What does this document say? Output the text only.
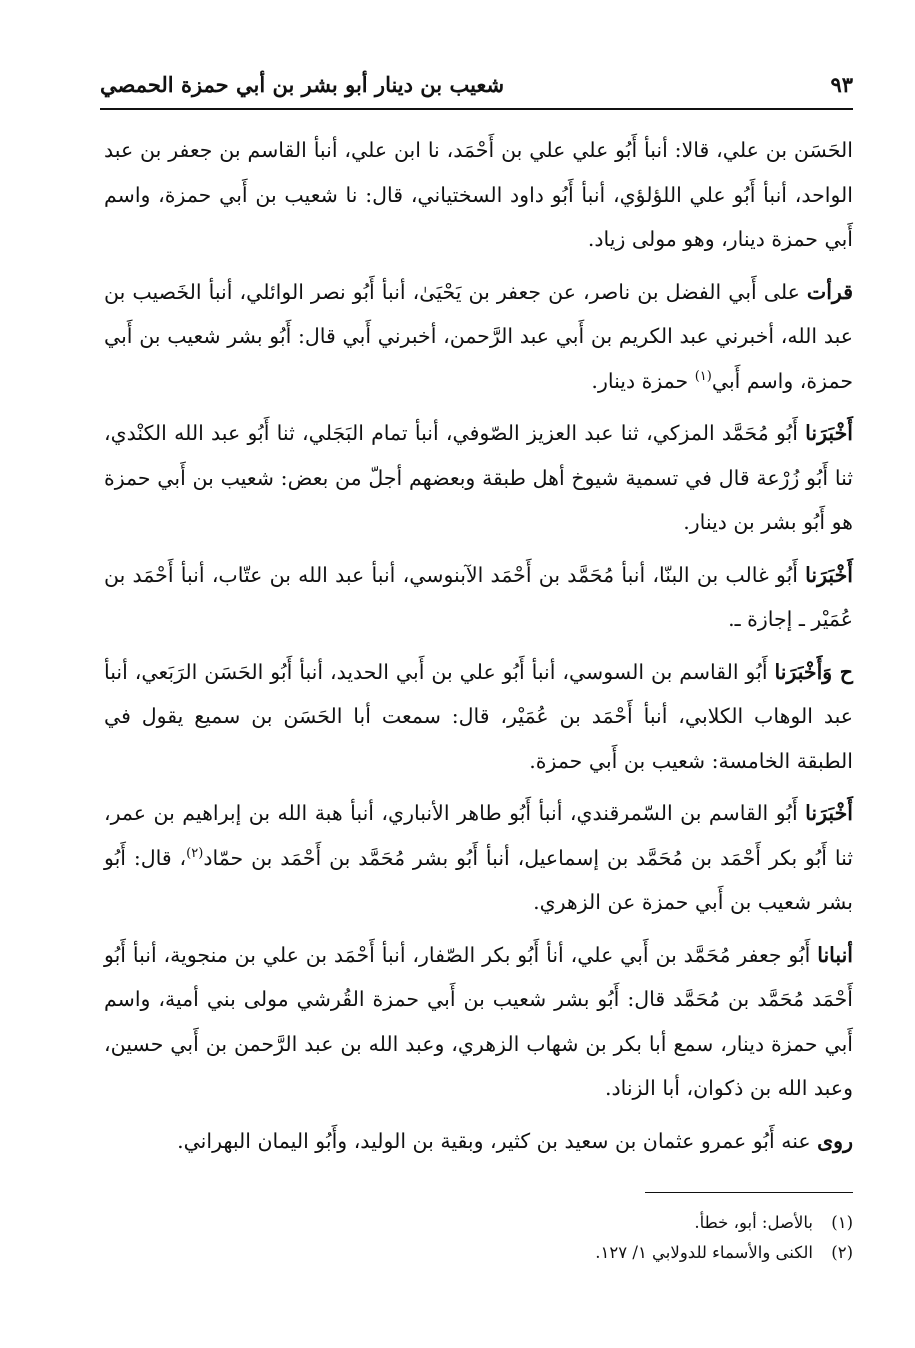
شعيب بن دينار أبو بشر بن أبي حمزة الحمصي	٩٣

الحَسَن بن علي، قالا: أنبأ أَبُو علي علي بن أَحْمَد، نا ابن علي، أنبأ القاسم بن جعفر بن عبد الواحد، أنبأ أَبُو علي اللؤلؤي، أنبأ أَبُو داود السختياني، قال: نا شعيب بن أَبي حمزة، واسم أَبي حمزة دينار، وهو مولى زياد.

قرأت على أَبي الفضل بن ناصر، عن جعفر بن يَحْيَىٰ، أنبأ أَبُو نصر الوائلي، أنبأ الخَصيب بن عبد الله، أخبرني عبد الكريم بن أَبي عبد الرَّحمن، أخبرني أَبي قال: أَبُو بشر شعيب بن أَبي حمزة، واسم أَبي$^{(١)}$ حمزة دينار.

أَخْبَرَنا أَبُو مُحَمَّد المزكي، ثنا عبد العزيز الصّوفي، أنبأ تمام البَجَلي، ثنا أَبُو عبد الله الكنْدي، ثنا أَبُو زُرْعة قال في تسمية شيوخ أهل طبقة وبعضهم أجلّ من بعض: شعيب بن أَبي حمزة هو أَبُو بشر بن دينار.

أَخْبَرَنا أَبُو غالب بن البنّا، أنبأ مُحَمَّد بن أَحْمَد الآبنوسي، أنبأ عبد الله بن عتّاب، أنبأ أَحْمَد بن عُمَيْر ـ إجازة ـ.

ح وَأَخْبَرَنا أَبُو القاسم بن السوسي، أنبأ أَبُو علي بن أَبي الحديد، أنبأ أَبُو الحَسَن الرَبَعي، أنبأ عبد الوهاب الكلابي، أنبأ أَحْمَد بن عُمَيْر، قال: سمعت أبا الحَسَن بن سميع يقول في الطبقة الخامسة: شعيب بن أَبي حمزة.

أَخْبَرَنا أَبُو القاسم بن السّمرقندي، أنبأ أَبُو طاهر الأنباري، أنبأ هبة الله بن إبراهيم بن عمر، ثنا أَبُو بكر أَحْمَد بن مُحَمَّد بن إسماعيل، أنبأ أَبُو بشر مُحَمَّد بن أَحْمَد بن حمّاد$^{(٢)}$، قال: أَبُو بشر شعيب بن أَبي حمزة عن الزهري.

أنبانا أَبُو جعفر مُحَمَّد بن أَبي علي، أنأ أَبُو بكر الصّفار، أنبأ أَحْمَد بن علي بن منجوية، أنبأ أَبُو أَحْمَد مُحَمَّد بن مُحَمَّد قال: أَبُو بشر شعيب بن أَبي حمزة القُرشي مولى بني أمية، واسم أَبي حمزة دينار، سمع أبا بكر بن شهاب الزهري، وعبد الله بن عبد الرَّحمن بن أَبي حسين، وعبد الله بن ذكوان، أبا الزناد.

روى عنه أَبُو عمرو عثمان بن سعيد بن كثير، وبقية بن الوليد، وأَبُو اليمان البهراني.

(١)
بالأصل: أبو، خطأ.
(٢)
الكنى والأسماء للدولابي ١/ ١٢٧.
